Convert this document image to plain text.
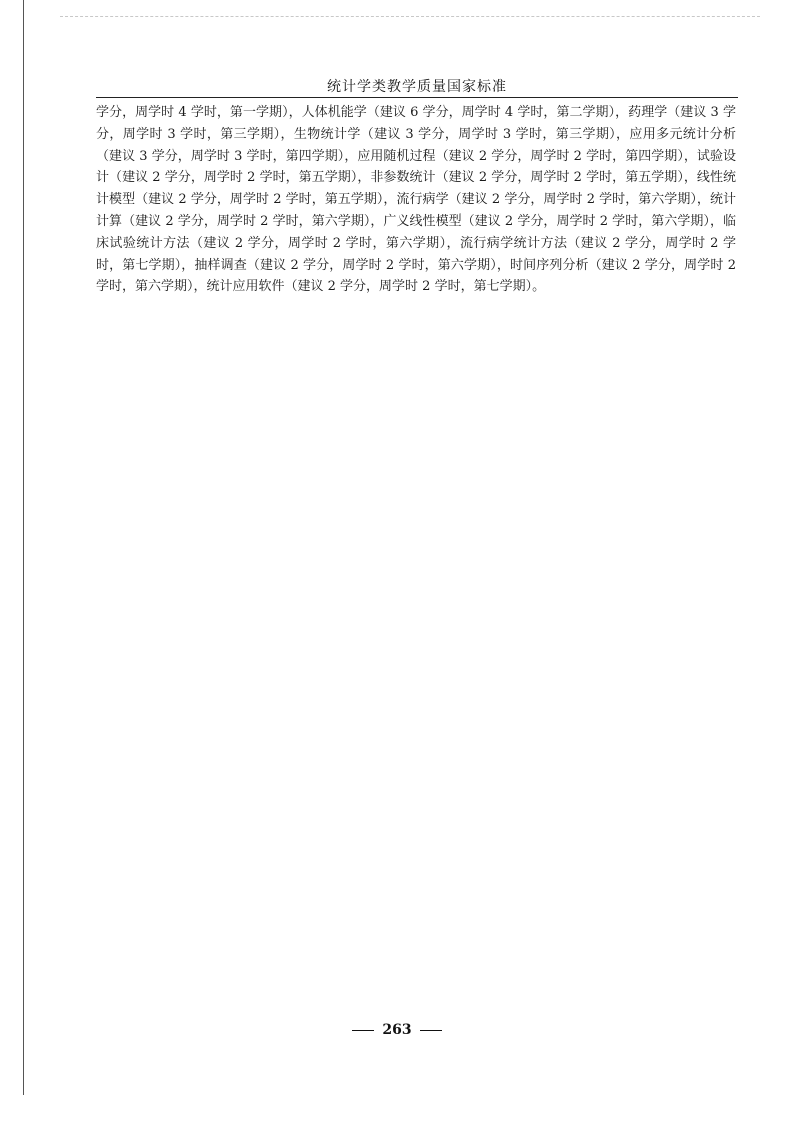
统计学类教学质量国家标准

学分，周学时 4 学时，第一学期），人体机能学（建议 6 学分，周学时 4 学时，第二学期），药理学（建议 3 学分，周学时 3 学时，第三学期），生物统计学（建议 3 学分，周学时 3 学时，第三学期），应用多元统计分析（建议 3 学分，周学时 3 学时，第四学期），应用随机过程（建议 2 学分，周学时 2 学时，第四学期），试验设计（建议 2 学分，周学时 2 学时，第五学期），非参数统计（建议 2 学分，周学时 2 学时，第五学期），线性统计模型（建议 2 学分，周学时 2 学时，第五学期），流行病学（建议 2 学分，周学时 2 学时，第六学期），统计计算（建议 2 学分，周学时 2 学时，第六学期），广义线性模型（建议 2 学分，周学时 2 学时，第六学期），临床试验统计方法（建议 2 学分，周学时 2 学时，第六学期），流行病学统计方法（建议 2 学分，周学时 2 学时，第七学期），抽样调查（建议 2 学分，周学时 2 学时，第六学期），时间序列分析（建议 2 学分，周学时 2 学时，第六学期），统计应用软件（建议 2 学分，周学时 2 学时，第七学期）。

263
